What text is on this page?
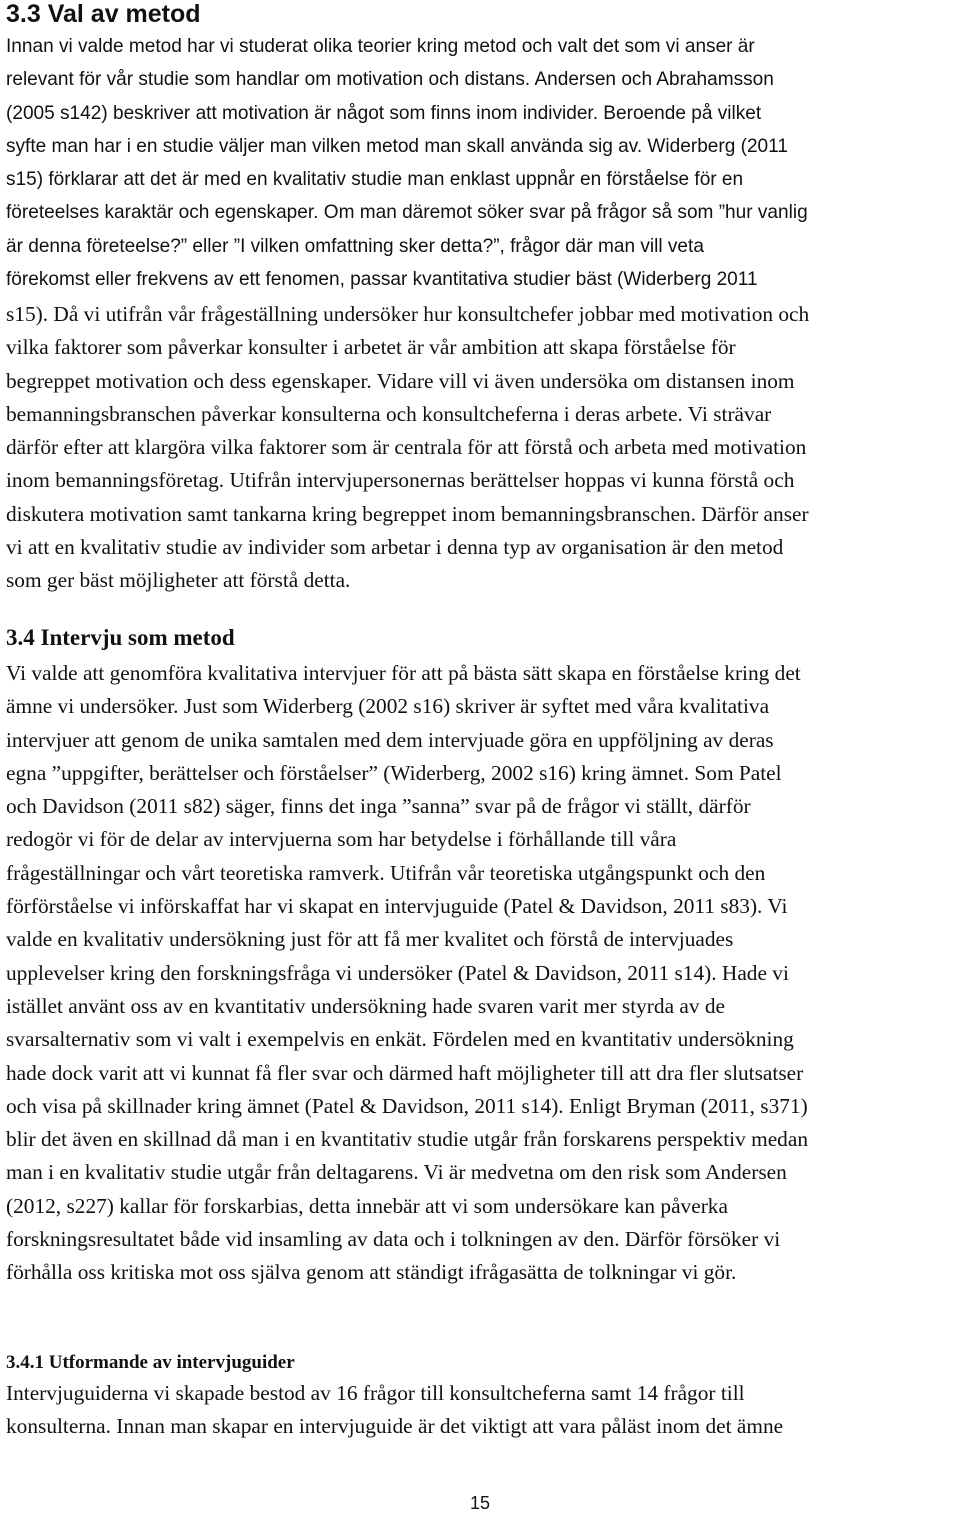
3.3 Val av metod
Innan vi valde metod har vi studerat olika teorier kring metod och valt det som vi anser är
relevant för vår studie som handlar om motivation och distans. Andersen och Abrahamsson
(2005 s142) beskriver att motivation är något som finns inom individer. Beroende på vilket
syfte man har i en studie väljer man vilken metod man skall använda sig av. Widerberg (2011
s15) förklarar att det är med en kvalitativ studie man enklast uppnår en förståelse för en
företeelses karaktär och egenskaper. Om man däremot söker svar på frågor så som ”hur vanlig
är denna företeelse?” eller ”I vilken omfattning sker detta?”, frågor där man vill veta
förekomst eller frekvens av ett fenomen, passar kvantitativa studier bäst (Widerberg 2011
s15). Då vi utifrån vår frågeställning undersöker hur konsultchefer jobbar med motivation och
vilka faktorer som påverkar konsulter i arbetet är vår ambition att skapa förståelse för
begreppet motivation och dess egenskaper. Vidare vill vi även undersöka om distansen inom
bemanningsbranschen påverkar konsulterna och konsultcheferna i deras arbete. Vi strävar
därför efter att klargöra vilka faktorer som är centrala för att förstå och arbeta med motivation
inom bemanningsföretag. Utifrån intervjupersonernas berättelser hoppas vi kunna förstå och
diskutera motivation samt tankarna kring begreppet inom bemanningsbranschen. Därför anser
vi att en kvalitativ studie av individer som arbetar i denna typ av organisation är den metod
som ger bäst möjligheter att förstå detta.
3.4 Intervju som metod
Vi valde att genomföra kvalitativa intervjuer för att på bästa sätt skapa en förståelse kring det
ämne vi undersöker. Just som Widerberg (2002 s16) skriver är syftet med våra kvalitativa
intervjuer att genom de unika samtalen med dem intervjuade göra en uppföljning av deras
egna ”uppgifter, berättelser och förståelser” (Widerberg, 2002 s16) kring ämnet. Som Patel
och Davidson (2011 s82) säger, finns det inga ”sanna” svar på de frågor vi ställt, därför
redogör vi för de delar av intervjuerna som har betydelse i förhållande till våra
frågeställningar och vårt teoretiska ramverk. Utifrån vår teoretiska utgångspunkt och den
förförståelse vi införskaffat har vi skapat en intervjuguide (Patel & Davidson, 2011 s83). Vi
valde en kvalitativ undersökning just för att få mer kvalitet och förstå de intervjuades
upplevelser kring den forskningsfråga vi undersöker (Patel & Davidson, 2011 s14). Hade vi
istället använt oss av en kvantitativ undersökning hade svaren varit mer styrda av de
svarsalternativ som vi valt i exempelvis en enkät. Fördelen med en kvantitativ undersökning
hade dock varit att vi kunnat få fler svar och därmed haft möjligheter till att dra fler slutsatser
och visa på skillnader kring ämnet (Patel & Davidson, 2011 s14). Enligt Bryman (2011, s371)
blir det även en skillnad då man i en kvantitativ studie utgår från forskarens perspektiv medan
man i en kvalitativ studie utgår från deltagarens. Vi är medvetna om den risk som Andersen
(2012, s227) kallar för forskarbias, detta innebär att vi som undersökare kan påverka
forskningsresultatet både vid insamling av data och i tolkningen av den. Därför försöker vi
förhålla oss kritiska mot oss själva genom att ständigt ifrågasätta de tolkningar vi gör.
3.4.1 Utformande av intervjuguider
Intervjuguiderna vi skapade bestod av 16 frågor till konsultcheferna samt 14 frågor till
konsulterna. Innan man skapar en intervjuguide är det viktigt att vara påläst inom det ämne
15
